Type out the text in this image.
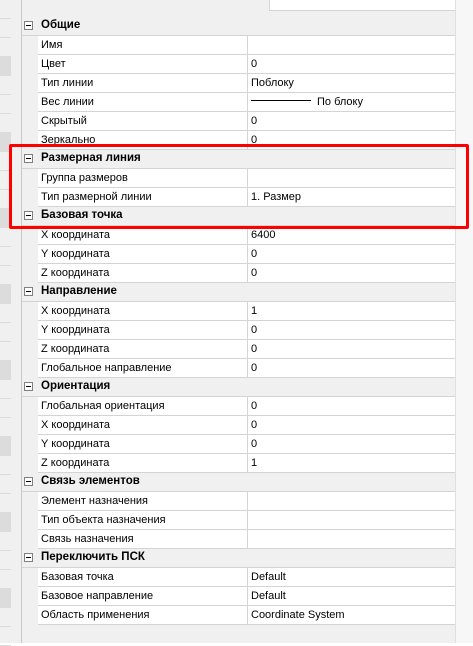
Общие
Имя
Цвет	0
Тип линии	Поблоку
Вес линии	По блоку
Скрытый	0
Зеркально	0
Размерная линия
Группа размеров
Тип размерной линии	1. Размер
Базовая точка
X координата	6400
Y координата	0
Z координата	0
Направление
X координата	1
Y координата	0
Z координата	0
Глобальное направление	0
Ориентация
Глобальная ориентация	0
X координата	0
Y координата	0
Z координата	1
Связь элементов
Элемент назначения
Тип объекта назначения
Связь назначения
Переключить ПСК
Базовая точка	Default
Базовое направление	Default
Область применения	Coordinate System
